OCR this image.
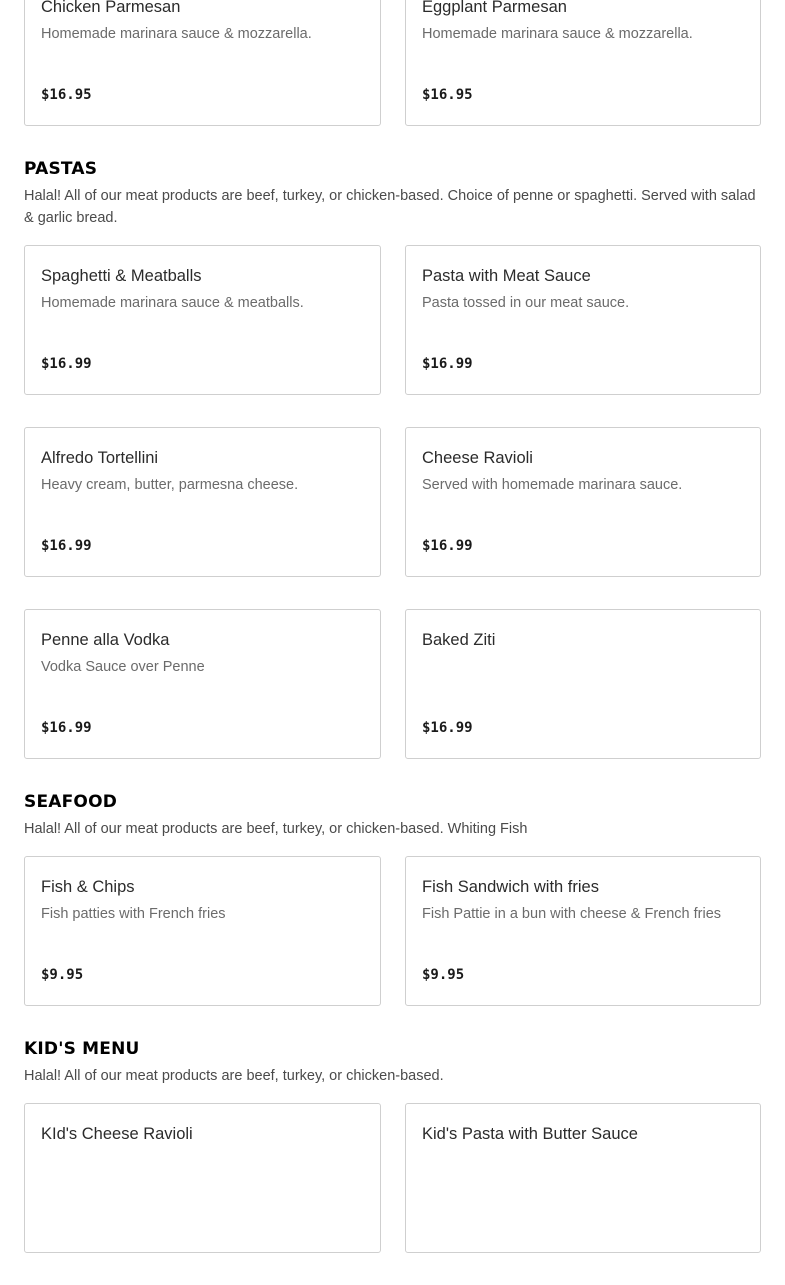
Chicken Parmesan
Homemade marinara sauce & mozzarella.
$16.95
Eggplant Parmesan
Homemade marinara sauce & mozzarella.
$16.95
PASTAS

Halal! All of our meat products are beef, turkey, or chicken-based. Choice of penne or spaghetti. Served with salad & garlic bread.

Spaghetti & Meatballs
Homemade marinara sauce & meatballs.
$16.99
Pasta with Meat Sauce
Pasta tossed in our meat sauce.
$16.99
Alfredo Tortellini
Heavy cream, butter, parmesna cheese.
$16.99
Cheese Ravioli
Served with homemade marinara sauce.
$16.99
Penne alla Vodka
Vodka Sauce over Penne
$16.99
Baked Ziti
$16.99
SEAFOOD

Halal! All of our meat products are beef, turkey, or chicken-based. Whiting Fish

Fish & Chips
Fish patties with French fries
$9.95
Fish Sandwich with fries
Fish Pattie in a bun with cheese & French fries
$9.95
KID'S MENU

Halal! All of our meat products are beef, turkey, or chicken-based.

KId's Cheese Ravioli	Kid's Pasta with Butter Sauce
